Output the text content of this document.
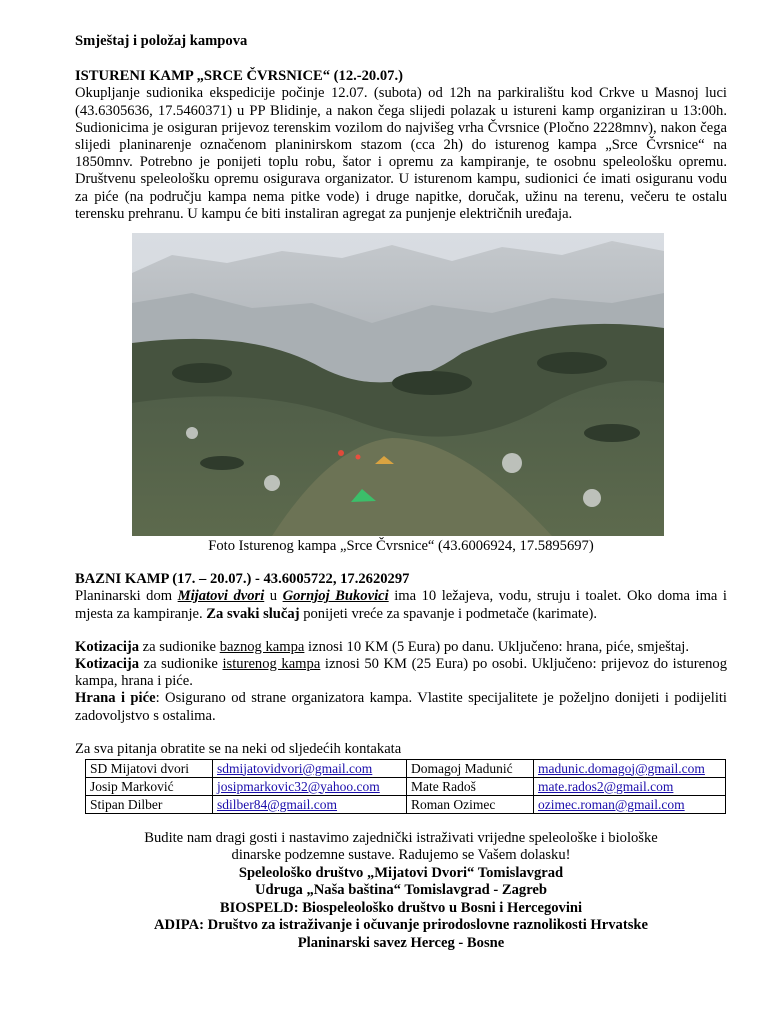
Smještaj i položaj kampova
ISTURENI KAMP „SRCE ČVRSNICE“ (12.-20.07.)

Okupljanje sudionika ekspedicije počinje 12.07. (subota) od 12h na parkiralištu kod Crkve u Masnoj luci (43.6305636, 17.5460371) u PP Blidinje, a nakon čega slijedi polazak u istureni kamp organiziran u 13:00h. Sudionicima je osiguran prijevoz terenskim vozilom do najvišeg vrha Čvrsnice (Pločno 2228mnv), nakon čega slijedi planinarenje označenom planinirskom stazom (cca 2h) do isturenog kampa „Srce Čvrsnice“ na 1850mnv. Potrebno je ponijeti toplu robu, šator i opremu za kampiranje, te osobnu speleološku opremu. Društvenu speleološku opremu osigurava organizator. U isturenom kampu, sudionici će imati osiguranu vodu za piće (na području kampa nema pitke vode) i druge napitke, doručak, užinu na terenu, večeru te ostalu terensku prehranu. U kampu će biti instaliran agregat za punjenje električnih uređaja.

Foto Isturenog kampa „Srce Čvrsnice“ (43.6006924, 17.5895697)
BAZNI KAMP (17. – 20.07.) - 43.6005722, 17.2620297

Planinarski dom Mijatovi dvori u Gornjoj Bukovici ima 10 ležajeva, vodu, struju i toalet. Oko doma ima i mjesta za kampiranje. Za svaki slučaj ponijeti vreće za spavanje i podmetače (karimate).

Kotizacija za sudionike baznog kampa iznosi 10 KM (5 Eura) po danu. Uključeno: hrana, piće, smještaj.

Kotizacija za sudionike isturenog kampa iznosi 50 KM (25 Eura) po osobi. Uključeno: prijevoz do isturenog kampa, hrana i piće.

Hrana i piće: Osigurano od strane organizatora kampa. Vlastite specijalitete je poželjno donijeti i podijeliti zadovoljstvo s ostalima.

Za sva pitanja obratite se na neki od sljedećih kontakata
SD Mijatovi dvori	sdmijatovidvori@gmail.com	Domagoj Madunić	madunic.domagoj@gmail.com
Josip Marković	josipmarkovic32@yahoo.com	Mate Radoš	mate.rados2@gmail.com
Stipan Dilber	sdilber84@gmail.com	Roman Ozimec	ozimec.roman@gmail.com
Budite nam dragi gosti i nastavimo zajednički istraživati vrijedne speleološke i biološke
dinarske podzemne sustave. Radujemo se Vašem dolasku!
Speleološko društvo „Mijatovi Dvori“ Tomislavgrad
Udruga „Naša baština“ Tomislavgrad - Zagreb
BIOSPELD: Biospeleološko društvo u Bosni i Hercegovini
ADIPA: Društvo za istraživanje i očuvanje prirodoslovne raznolikosti Hrvatske
Planinarski savez Herceg - Bosne
